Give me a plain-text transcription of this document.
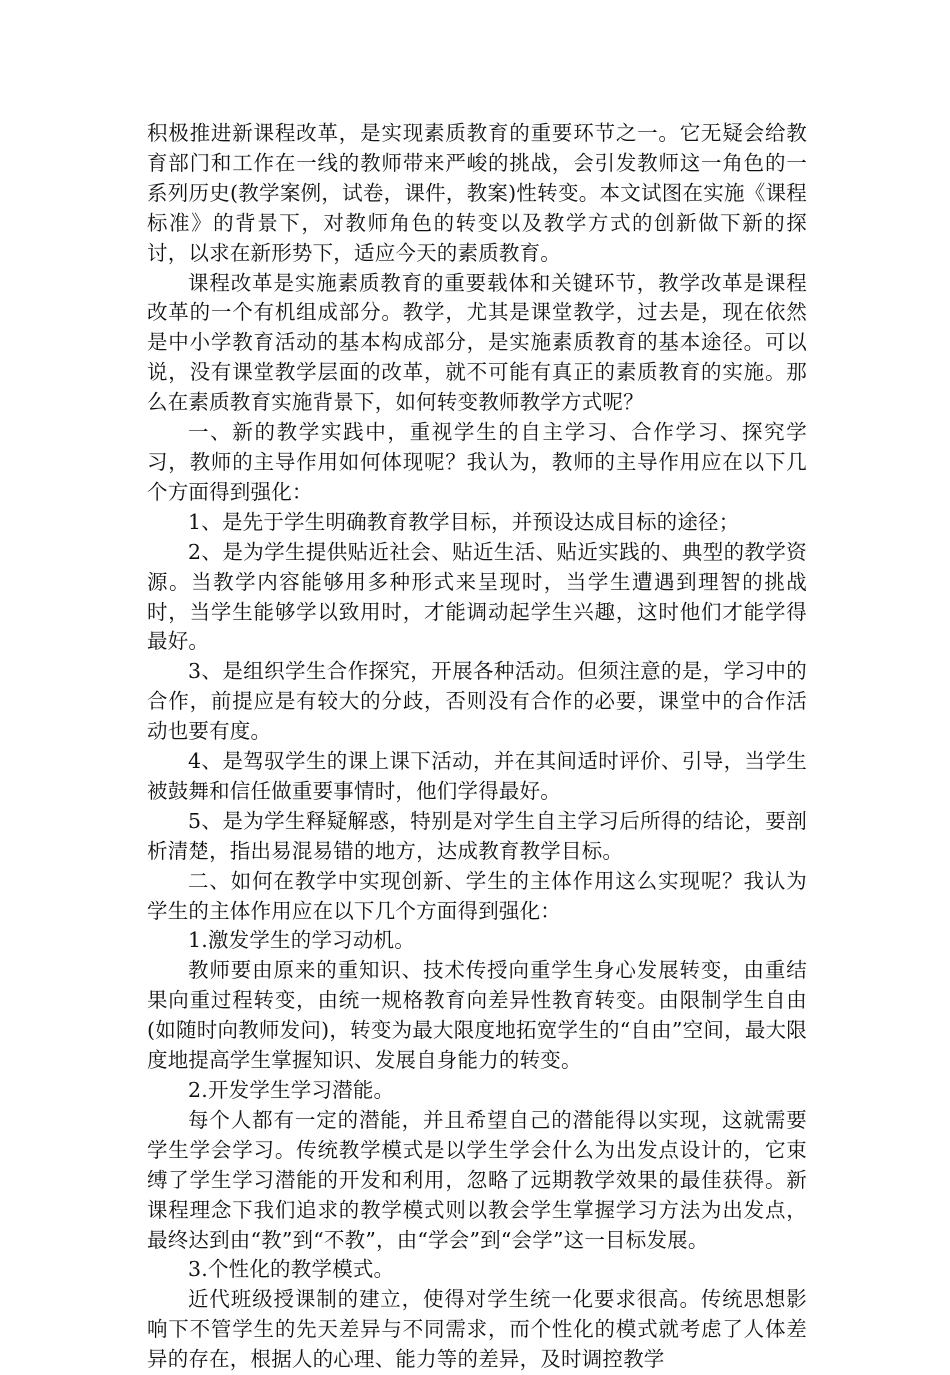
积极推进新课程改革，是实现素质教育的重要环节之一。它无疑会给教育部门和工作在一线的教师带来严峻的挑战，会引发教师这一角色的一系列历史(教学案例，试卷，课件，教案)性转变。本文试图在实施《课程标准》的背景下，对教师角色的转变以及教学方式的创新做下新的探讨，以求在新形势下，适应今天的素质教育。

课程改革是实施素质教育的重要载体和关键环节，教学改革是课程改革的一个有机组成部分。教学，尤其是课堂教学，过去是，现在依然是中小学教育活动的基本构成部分，是实施素质教育的基本途径。可以说，没有课堂教学层面的改革，就不可能有真正的素质教育的实施。那么在素质教育实施背景下，如何转变教师教学方式呢？

一、新的教学实践中，重视学生的自主学习、合作学习、探究学习，教师的主导作用如何体现呢？我认为，教师的主导作用应在以下几个方面得到强化：

1、是先于学生明确教育教学目标，并预设达成目标的途径；

2、是为学生提供贴近社会、贴近生活、贴近实践的、典型的教学资源。当教学内容能够用多种形式来呈现时，当学生遭遇到理智的挑战时，当学生能够学以致用时，才能调动起学生兴趣，这时他们才能学得最好。

3、是组织学生合作探究，开展各种活动。但须注意的是，学习中的合作，前提应是有较大的分歧，否则没有合作的必要，课堂中的合作活动也要有度。

4、是驾驭学生的课上课下活动，并在其间适时评价、引导，当学生被鼓舞和信任做重要事情时，他们学得最好。

5、是为学生释疑解惑，特别是对学生自主学习后所得的结论，要剖析清楚，指出易混易错的地方，达成教育教学目标。

二、如何在教学中实现创新、学生的主体作用这么实现呢？我认为学生的主体作用应在以下几个方面得到强化：

1.激发学生的学习动机。

教师要由原来的重知识、技术传授向重学生身心发展转变，由重结果向重过程转变，由统一规格教育向差异性教育转变。由限制学生自由(如随时向教师发问)，转变为最大限度地拓宽学生的“自由”空间，最大限度地提高学生掌握知识、发展自身能力的转变。

2.开发学生学习潜能。

每个人都有一定的潜能，并且希望自己的潜能得以实现，这就需要学生学会学习。传统教学模式是以学生学会什么为出发点设计的，它束缚了学生学习潜能的开发和利用，忽略了远期教学效果的最佳获得。新课程理念下我们追求的教学模式则以教会学生掌握学习方法为出发点，最终达到由“教”到“不教”，由“学会”到“会学”这一目标发展。

3.个性化的教学模式。

近代班级授课制的建立，使得对学生统一化要求很高。传统思想影响下不管学生的先天差异与不同需求，而个性化的模式就考虑了人体差异的存在，根据人的心理、能力等的差异，及时调控教学
